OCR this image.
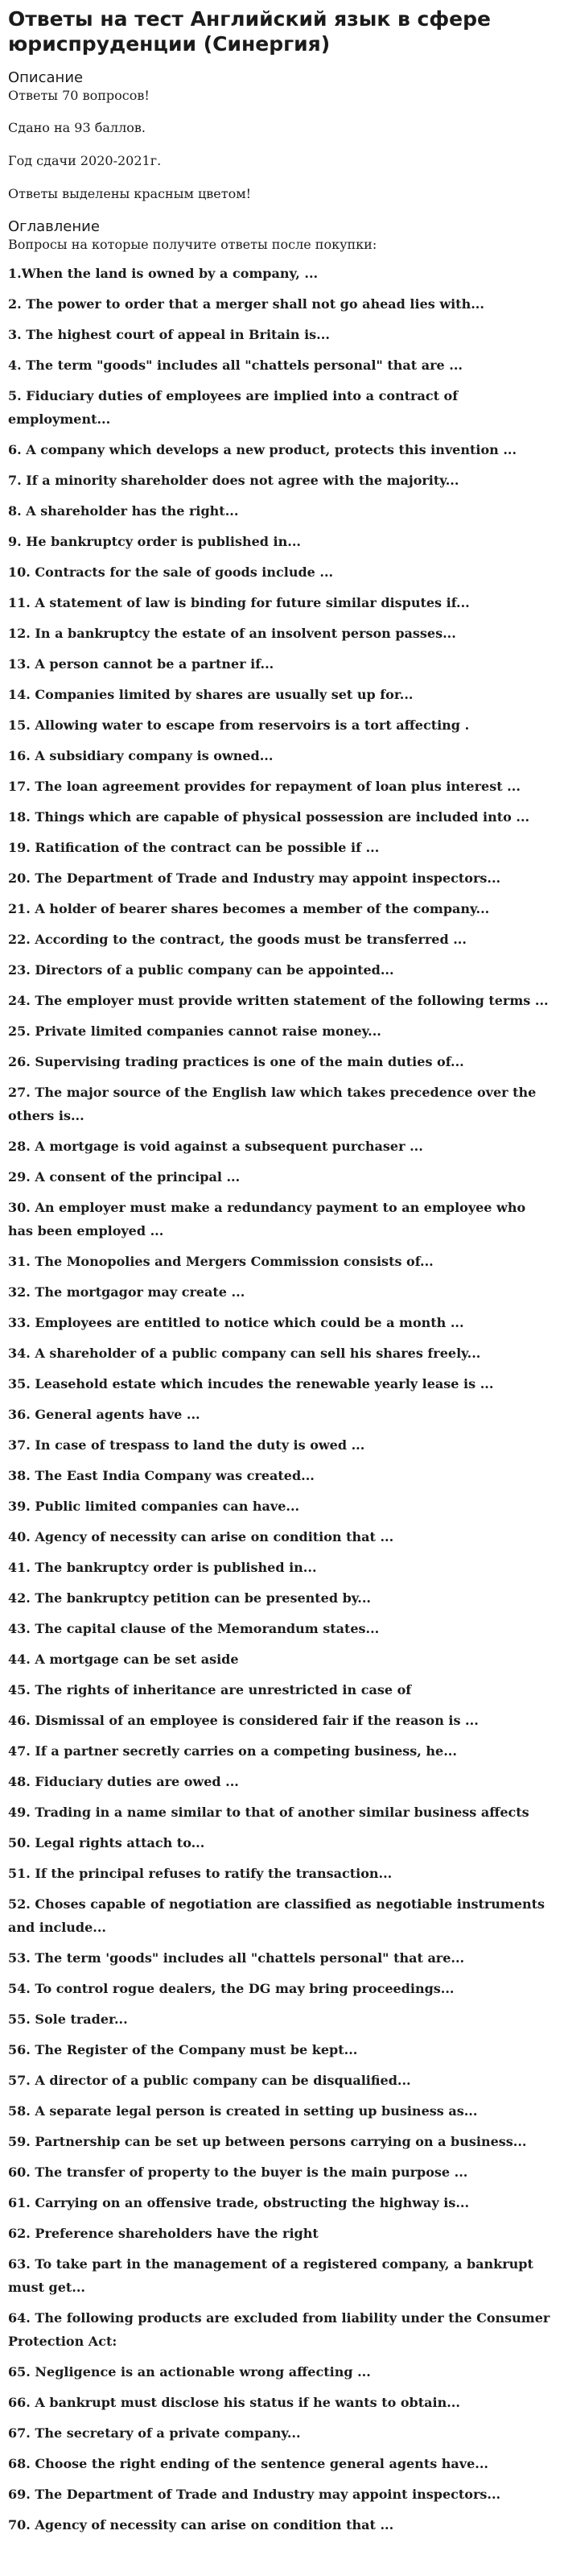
Ответы на тест Английский язык в сфере юриспруденции (Синергия)
Описание

Ответы 70 вопросов!

Сдано на 93 баллов.

Год сдачи 2020-2021г.

Ответы выделены красным цветом!

Оглавление

Вопросы на которые получите ответы после покупки:

1.When the land is owned by a company, ...
2. The power to order that a merger shall not go ahead lies with...
3. The highest court of appeal in Britain is...
4. The term "goods" includes all "chattels personal" that are ...
5. Fiduciary duties of employees are implied into a contract of employment...
6. A company which develops a new product, protects this invention ...
7. If a minority shareholder does not agree with the majority...
8. A shareholder has the right...
9. He bankruptcy order is published in...
10. Contracts for the sale of goods include ...
11. A statement of law is binding for future similar disputes if...
12. In a bankruptcy the estate of an insolvent person passes...
13. A person cannot be a partner if...
14. Companies limited by shares are usually set up for...
15. Allowing water to escape from reservoirs is a tort affecting .
16. A subsidiary company is owned...
17. The loan agreement provides for repayment of loan plus interest ...
18. Things which are capable of physical possession are included into ...
19. Ratification of the contract can be possible if ...
20. The Department of Trade and Industry may appoint inspectors...
21. A holder of bearer shares becomes a member of the company...
22. According to the contract, the goods must be transferred ...
23. Directors of a public company can be appointed...
24. The employer must provide written statement of the following terms ...
25. Private limited companies cannot raise money...
26. Supervising trading practices is one of the main duties of...
27. The major source of the English law which takes precedence over the others is...
28. A mortgage is void against a subsequent purchaser ...
29. A consent of the principal ...
30. An employer must make a redundancy payment to an employee who has been employed ...
31. The Monopolies and Mergers Commission consists of...
32. The mortgagor may create ...
33. Employees are entitled to notice which could be a month ...
34. A shareholder of a public company can sell his shares freely...
35. Leasehold estate which incudes the renewable yearly lease is ...
36. General agents have ...
37. In case of trespass to land the duty is owed ...
38. The East India Company was created...
39. Public limited companies can have...
40. Agency of necessity can arise on condition that ...
41. The bankruptcy order is published in...
42. The bankruptcy petition can be presented by...
43. The capital clause of the Memorandum states...
44. A mortgage can be set aside
45. The rights of inheritance are unrestricted in case of
46. Dismissal of an employee is considered fair if the reason is ...
47. If a partner secretly carries on a competing business, he...
48. Fiduciary duties are owed ...
49. Trading in a name similar to that of another similar business affects
50. Legal rights attach to...
51. If the principal refuses to ratify the transaction...
52. Choses capable of negotiation are classified as negotiable instruments and include...
53. The term 'goods" includes all "chattels personal" that are...
54. To control rogue dealers, the DG may bring proceedings...
55. Sole trader...
56. The Register of the Company must be kept...
57. A director of a public company can be disqualified...
58. A separate legal person is created in setting up business as...
59. Partnership can be set up between persons carrying on a business...
60. The transfer of property to the buyer is the main purpose ...
61. Carrying on an offensive trade, obstructing the highway is...
62. Preference shareholders have the right
63. To take part in the management of a registered company, a bankrupt must get...
64. The following products are excluded from liability under the Consumer Protection Act:
65. Negligence is an actionable wrong affecting ...
66. A bankrupt must disclose his status if he wants to obtain...
67. The secretary of a private company...
68. Choose the right ending of the sentence general agents have...
69. The Department of Trade and Industry may appoint inspectors...
70. Agency of necessity can arise on condition that ...
